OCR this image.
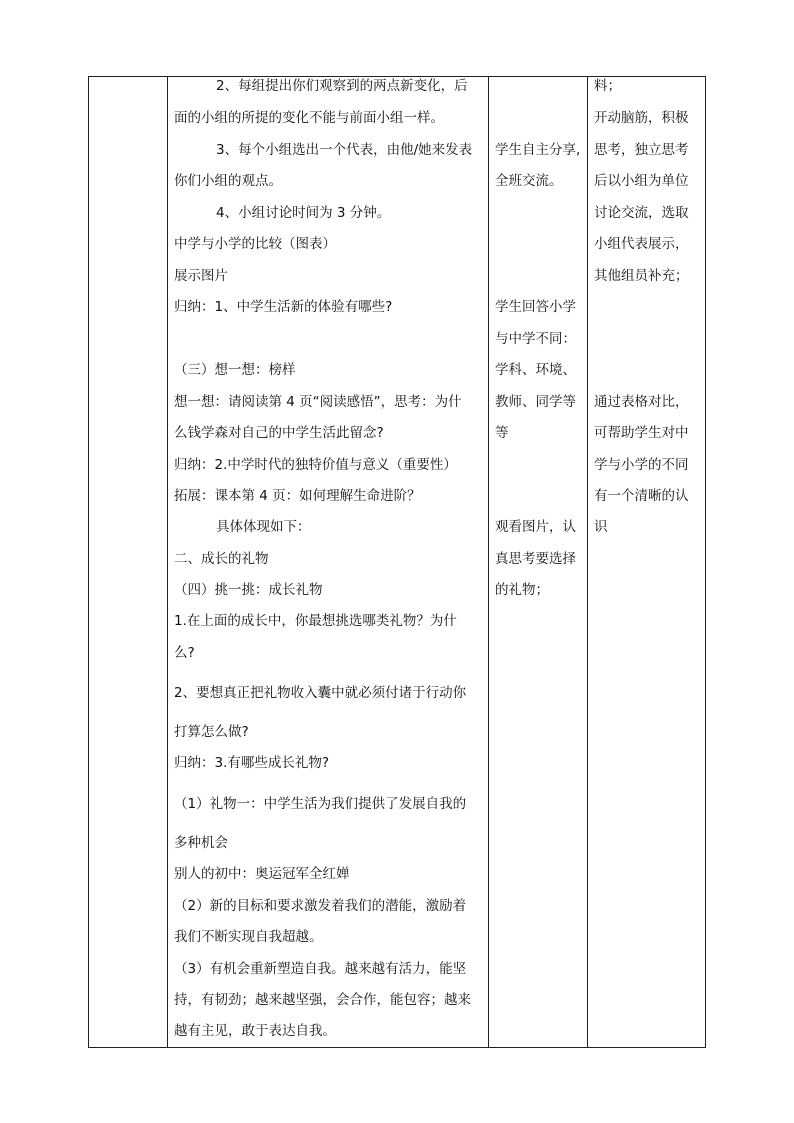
2、每组提出你们观察到的两点新变化，后
面的小组的所提的变化不能与前面小组一样。
3、每个小组选出一个代表，由他/她来发表
你们小组的观点。
4、小组讨论时间为 3 分钟。
中学与小学的比较（图表）
展示图片
归纳：1、中学生活新的体验有哪些?
（三）想一想：榜样
想一想：请阅读第 4 页“阅读感悟”，思考：为什
么钱学森对自己的中学生活此留念?
归纳：2.中学时代的独特价值与意义（重要性）
拓展：课本第 4 页：如何理解生命进阶？
具体体现如下：
二、成长的礼物
（四）挑一挑：成长礼物
1.在上面的成长中，你最想挑选哪类礼物？为什
么?
2、要想真正把礼物收入囊中就必须付诸于行动你
打算怎么做?
归纳：3.有哪些成长礼物?
（1）礼物一：中学生活为我们提供了发展自我的
多种机会
别人的初中：奥运冠军全红婵
（2）新的目标和要求激发着我们的潜能，激励着
我们不断实现自我超越。
（3）有机会重新塑造自我。越来越有活力，能坚
持，有韧劲；越来越坚强，会合作，能包容；越来
越有主见，敢于表达自我。
学生自主分享,
全班交流。
学生回答小学
与中学不同：
学科、环境、
教师、同学等
等
观看图片，认
真思考要选择
的礼物；
料；
开动脑筋，积极
思考，独立思考
后以小组为单位
讨论交流，选取
小组代表展示，
其他组员补充；
通过表格对比，
可帮助学生对中
学与小学的不同
有一个清晰的认
识
